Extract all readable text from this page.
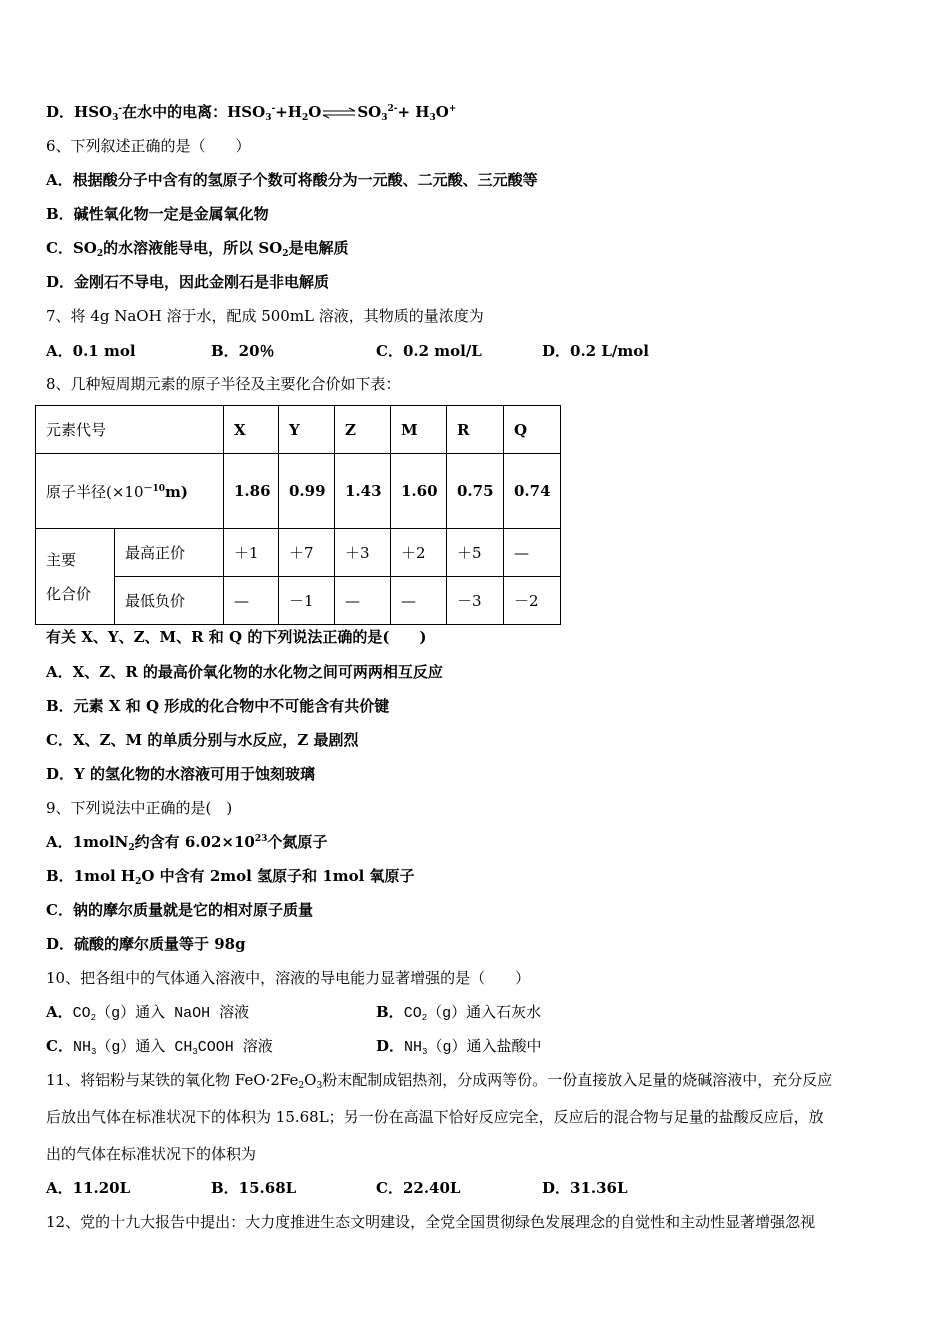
D．$HSO_3^-$在水中的电离：$HSO_3^-+H_2O\rightleftharpoons SO_3^{2-}+ H_3O^+$
6、下列叙述正确的是（　　）
A．根据酸分子中含有的氢原子个数可将酸分为一元酸、二元酸、三元酸等
B．碱性氧化物一定是金属氧化物
C．$SO_2$的水溶液能导电，所以 $SO_2$是电解质
D．金刚石不导电，因此金刚石是非电解质
7、将 4g NaOH 溶于水，配成 500mL 溶液，其物质的量浓度为
A．0.1 mol	B．20％	C．0.2 mol/L	D．0.2 L/mol
8、几种短周期元素的原子半径及主要化合价如下表：
元素代号		X	Y	Z	M	R	Q
原子半径$(\times 10^{-10}m)$		1.86	0.99	1.43	1.60	0.75	0.74
主要
化合价	最高正价	＋1	＋7	＋3	＋2	＋5	—
	最低负价	—	－1	—	—	－3	－2
有关 X、Y、Z、M、R 和 Q 的下列说法正确的是(　　)
A．X、Z、R 的最高价氧化物的水化物之间可两两相互反应
B．元素 X 和 Q 形成的化合物中不可能含有共价键
C．X、Z、M 的单质分别与水反应，Z 最剧烈
D．Y 的氢化物的水溶液可用于蚀刻玻璃
9、下列说法中正确的是(　)
A．1molN$_2$约含有 $6.02\times 10^{23}$个氮原子
B．1mol $H_2O$ 中含有 2mol 氢原子和 1mol 氧原子
C．钠的摩尔质量就是它的相对原子质量
D．硫酸的摩尔质量等于 98g
10、把各组中的气体通入溶液中，溶液的导电能力显著增强的是（　　）
A．$CO_2(g)$通入 NaOH 溶液	B．$CO_2(g)$通入石灰水
C．$NH_3(g)$通入 $CH_3COOH$ 溶液	D．$NH_3(g)$通入盐酸中
11、将铝粉与某铁的氧化物 $FeO\cdot 2Fe_2O_3$粉末配制成铝热剂，分成两等份。一份直接放入足量的烧碱溶液中，充分反应
后放出气体在标准状况下的体积为 15.68L；另一份在高温下恰好反应完全，反应后的混合物与足量的盐酸反应后，放
出的气体在标准状况下的体积为
A．11.20L	B．15.68L	C．22.40L	D．31.36L
12、党的十九大报告中提出：大力度推进生态文明建设，全党全国贯彻绿色发展理念的自觉性和主动性显著增强忽视
